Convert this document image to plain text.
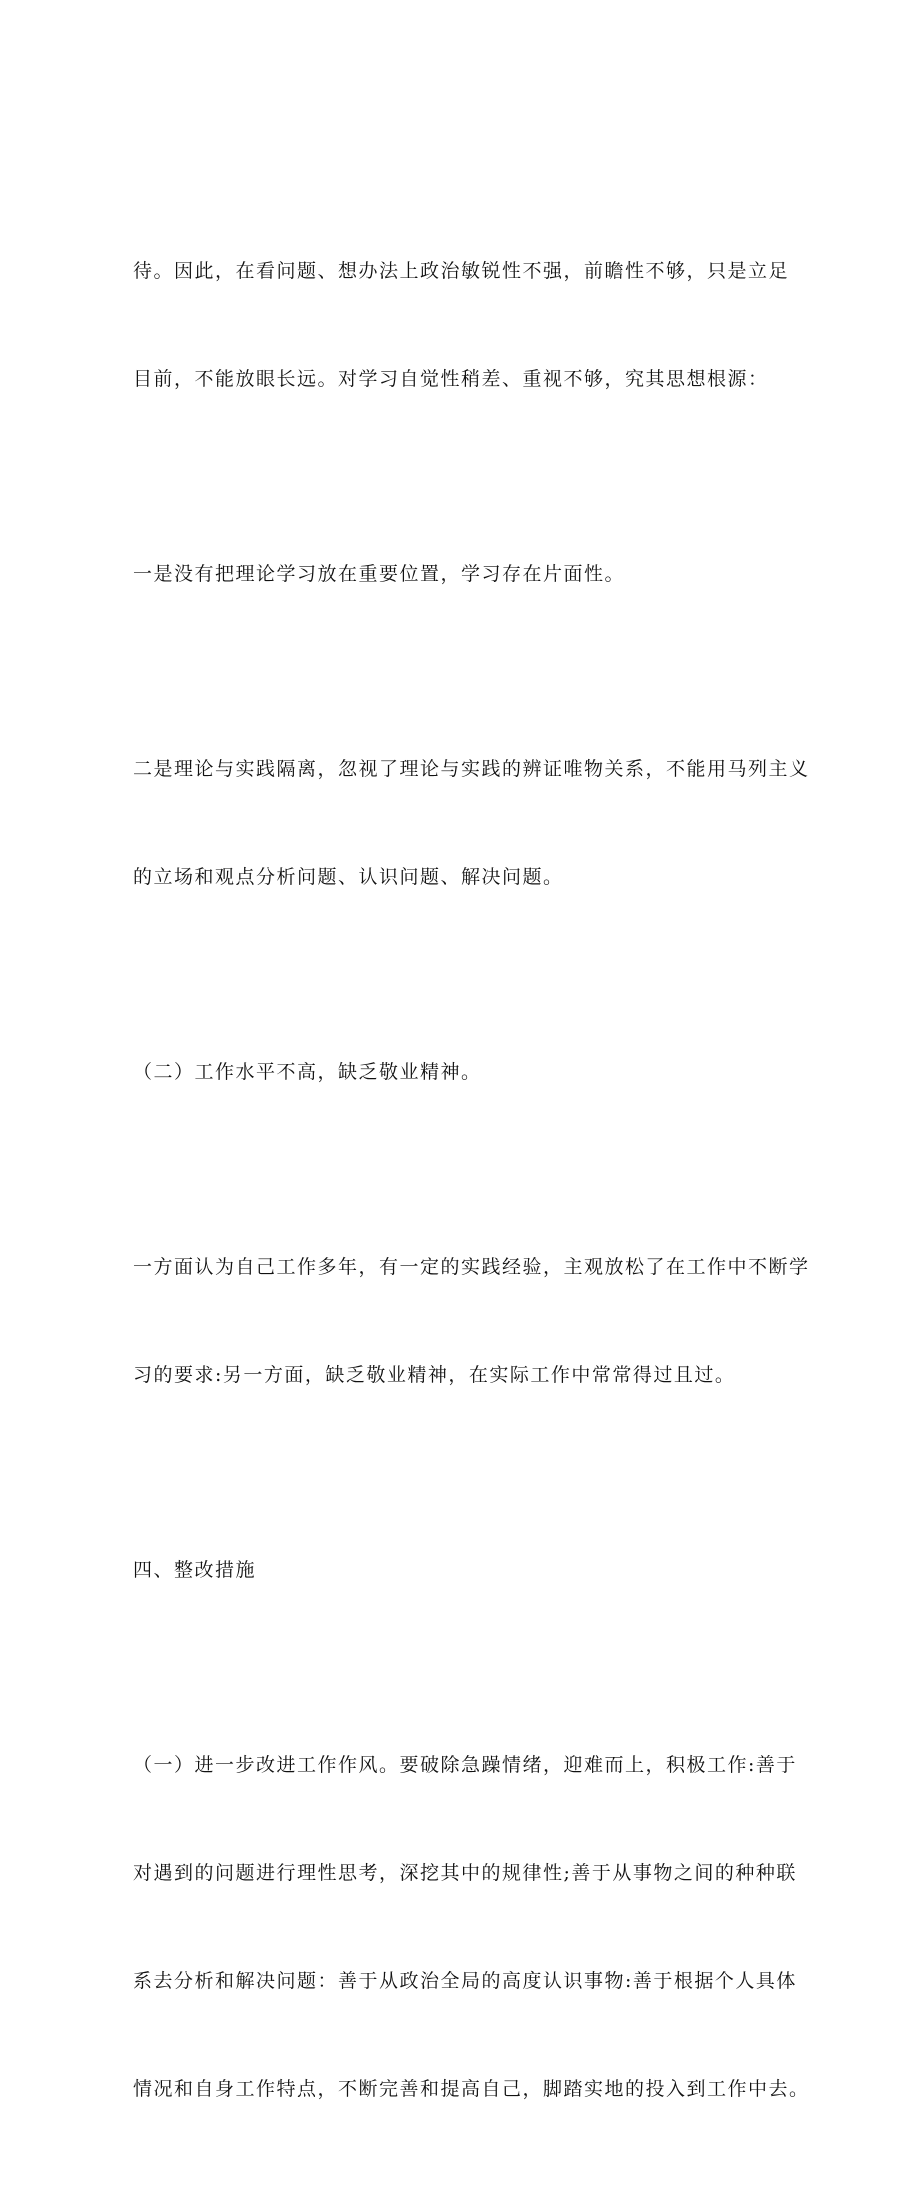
待。因此，在看问题、想办法上政治敏锐性不强，前瞻性不够，只是立足

目前，不能放眼长远。对学习自觉性稍差、重视不够，究其思想根源：

一是没有把理论学习放在重要位置，学习存在片面性。

二是理论与实践隔离，忽视了理论与实践的辨证唯物关系，不能用马列主义

的立场和观点分析问题、认识问题、解决问题。

（二）工作水平不高，缺乏敬业精神。

一方面认为自己工作多年，有一定的实践经验，主观放松了在工作中不断学

习的要求:另一方面，缺乏敬业精神，在实际工作中常常得过且过。

四、整改措施

（一）进一步改进工作作风。要破除急躁情绪，迎难而上，积极工作:善于

对遇到的问题进行理性思考，深挖其中的规律性;善于从事物之间的种种联

系去分析和解决问题：善于从政治全局的高度认识事物:善于根据个人具体

情况和自身工作特点，不断完善和提高自己，脚踏实地的投入到工作中去。
